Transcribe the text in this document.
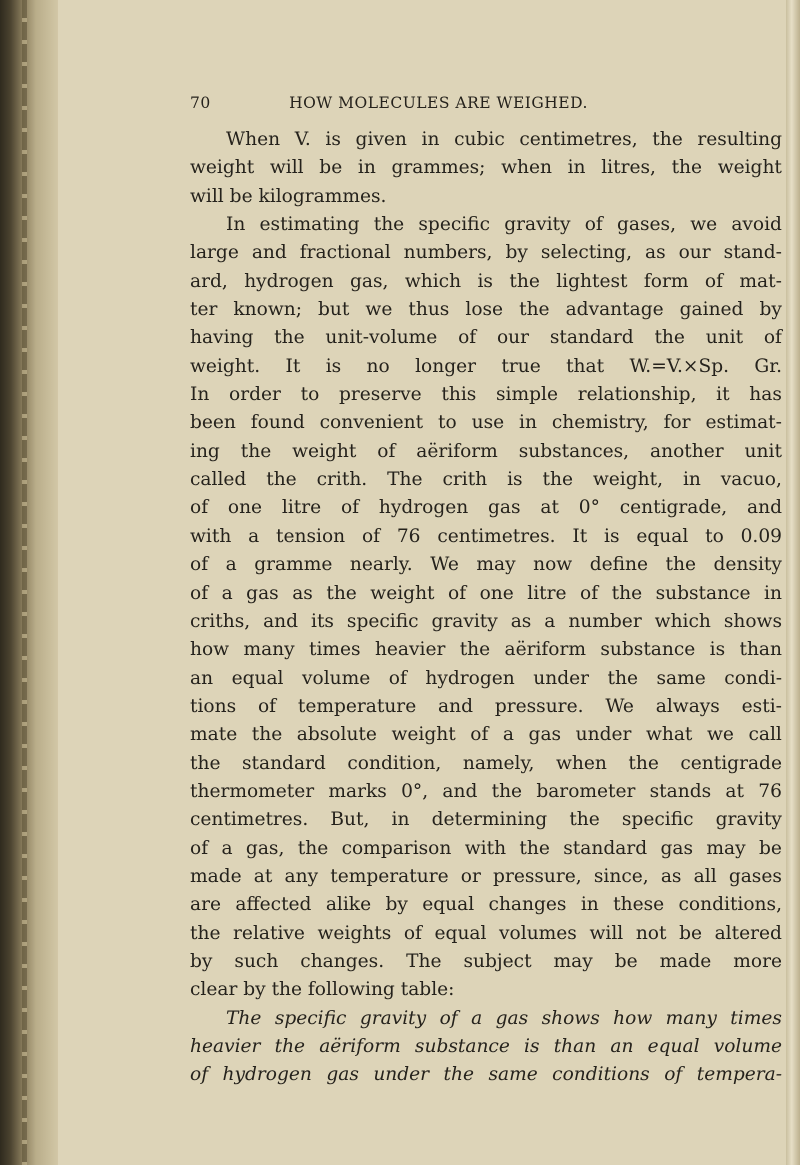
70	HOW MOLECULES ARE WEIGHED.
When V. is given in cubic centimetres, the resulting
weight will be in grammes; when in litres, the weight
will be kilogrammes.
In estimating the specific gravity of gases, we avoid
large and fractional numbers, by selecting, as our stand-
ard, hydrogen gas, which is the lightest form of mat-
ter known; but we thus lose the advantage gained by
having the unit-volume of our standard the unit of
weight. It is no longer true that W.=V.×Sp. Gr.
In order to preserve this simple relationship, it has
been found convenient to use in chemistry, for estimat-
ing the weight of aëriform substances, another unit
called the crith. The crith is the weight, in vacuo,
of one litre of hydrogen gas at 0° centigrade, and
with a tension of 76 centimetres. It is equal to 0.09
of a gramme nearly. We may now define the density
of a gas as the weight of one litre of the substance in
criths, and its specific gravity as a number which shows
how many times heavier the aëriform substance is than
an equal volume of hydrogen under the same condi-
tions of temperature and pressure. We always esti-
mate the absolute weight of a gas under what we call
the standard condition, namely, when the centigrade
thermometer marks 0°, and the barometer stands at 76
centimetres. But, in determining the specific gravity
of a gas, the comparison with the standard gas may be
made at any temperature or pressure, since, as all gases
are affected alike by equal changes in these conditions,
the relative weights of equal volumes will not be altered
by such changes. The subject may be made more
clear by the following table:
The specific gravity of a gas shows how many times
heavier the aëriform substance is than an equal volume
of hydrogen gas under the same conditions of tempera-
